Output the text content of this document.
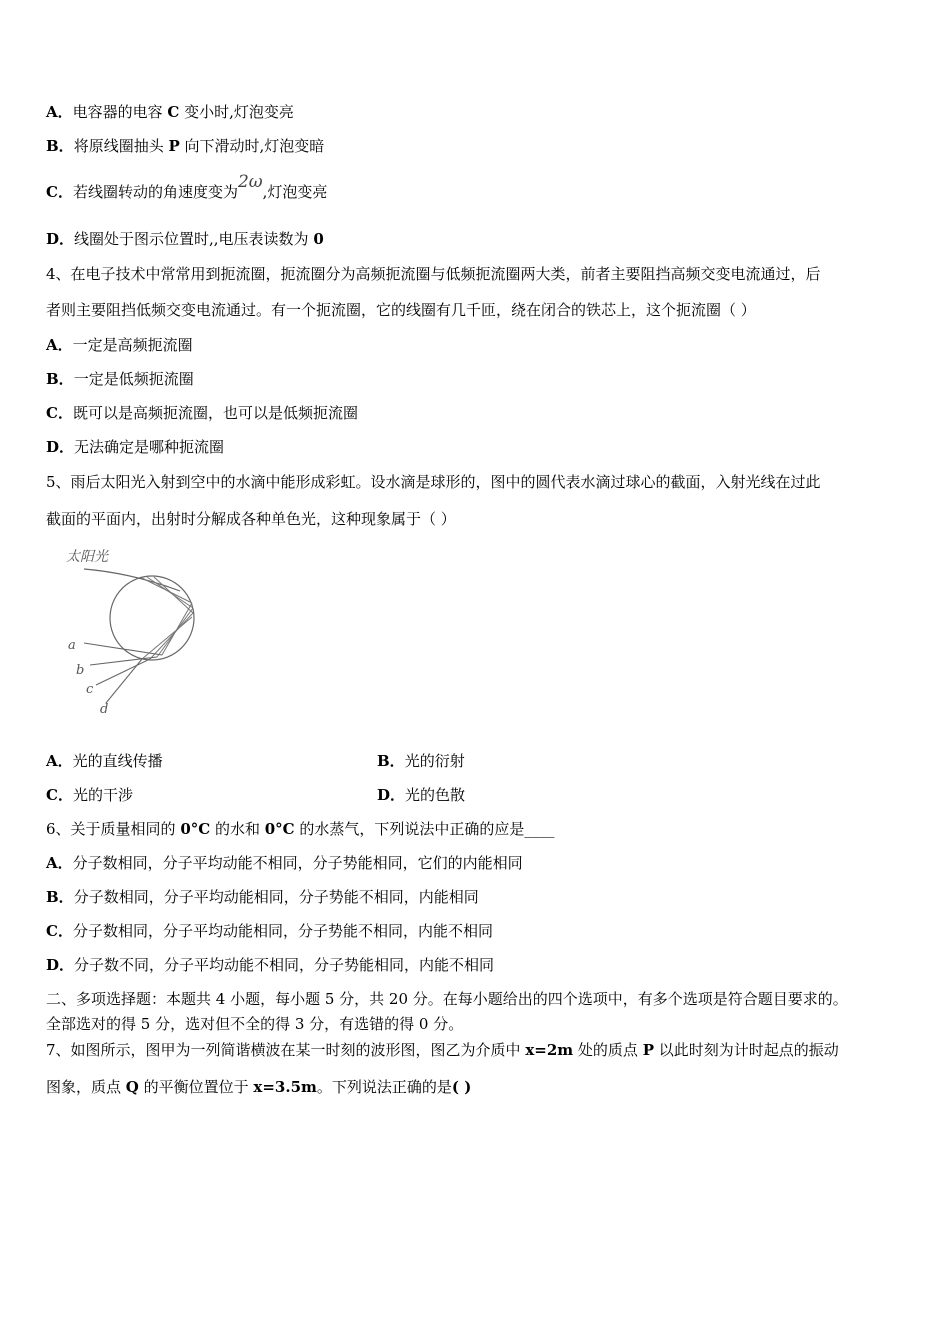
A．电容器的电容 C 变小时,灯泡变亮
B．将原线圈抽头 P 向下滑动时,灯泡变暗
C．若线圈转动的角速度变为2ω,灯泡变亮
D．线圈处于图示位置时,,电压表读数为 0
4、在电子技术中常常用到扼流圈，扼流圈分为高频扼流圈与低频扼流圈两大类，前者主要阻挡高频交变电流通过，后
者则主要阻挡低频交变电流通过。有一个扼流圈，它的线圈有几千匝，绕在闭合的铁芯上，这个扼流圈（ ）
A．一定是高频扼流圈
B．一定是低频扼流圈
C．既可以是高频扼流圈，也可以是低频扼流圈
D．无法确定是哪种扼流圈
5、雨后太阳光入射到空中的水滴中能形成彩虹。设水滴是球形的，图中的圆代表水滴过球心的截面，入射光线在过此
截面的平面内，出射时分解成各种单色光，这种现象属于（ ）
太阳光
a
b
c
d
A．光的直线传播	B．光的衍射
C．光的干涉	D．光的色散
6、关于质量相同的 0°C 的水和 0°C 的水蒸气，下列说法中正确的应是____
A．分子数相同，分子平均动能不相同，分子势能相同，它们的内能相同
B．分子数相同，分子平均动能相同，分子势能不相同，内能相同
C．分子数相同，分子平均动能相同，分子势能不相同，内能不相同
D．分子数不同，分子平均动能不相同，分子势能相同，内能不相同
二、多项选择题：本题共 4 小题，每小题 5 分，共 20 分。在每小题给出的四个选项中，有多个选项是符合题目要求的。
全部选对的得 5 分，选对但不全的得 3 分，有选错的得 0 分。
7、如图所示，图甲为一列简谐横波在某一时刻的波形图，图乙为介质中 x=2m 处的质点 P 以此时刻为计时起点的振动
图象，质点 Q 的平衡位置位于 x=3.5m。下列说法正确的是( )
